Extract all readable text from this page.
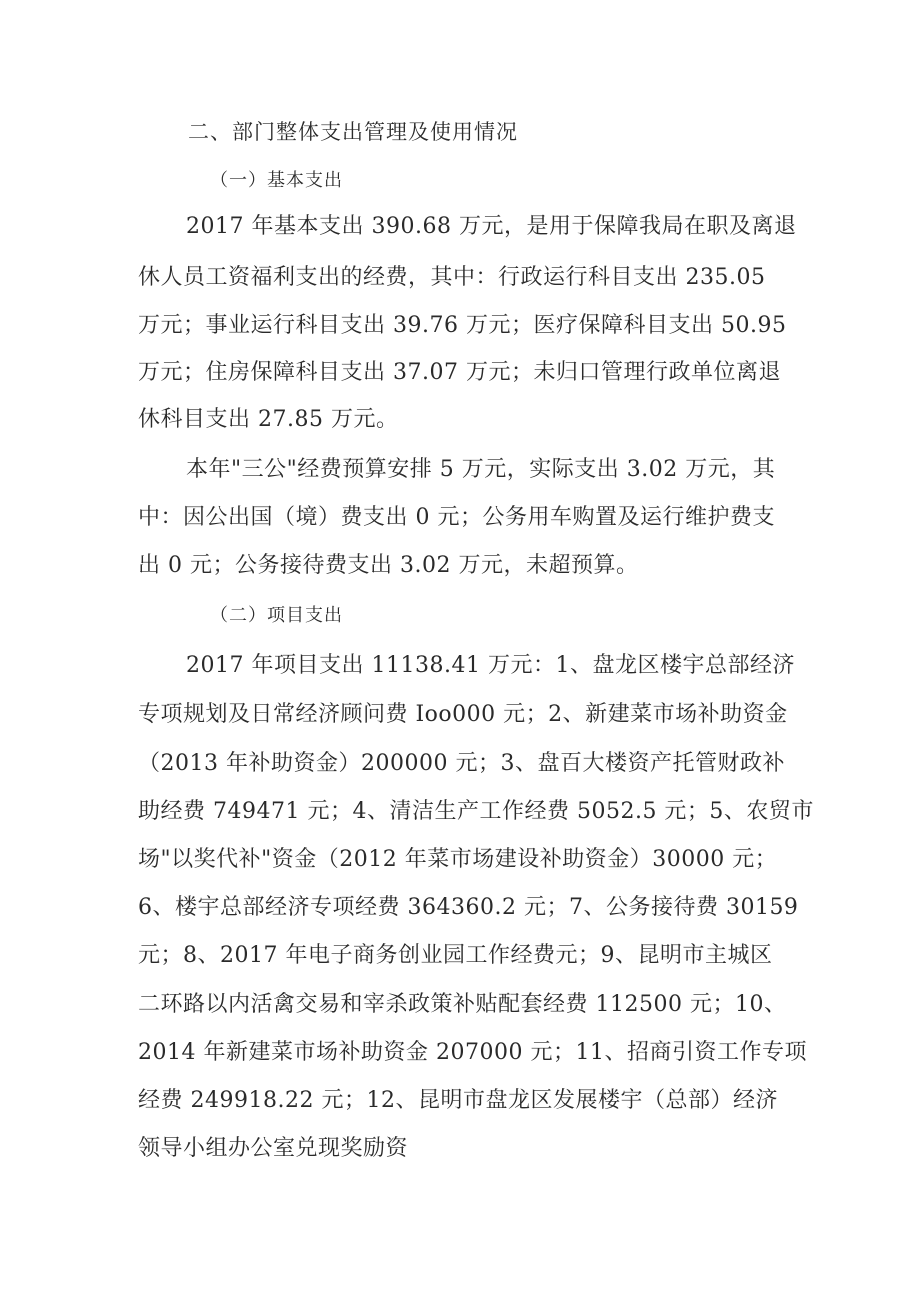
二、部门整体支出管理及使用情况
（一）基本支出
2017 年基本支出 390.68 万元，是用于保障我局在职及离退
休人员工资福利支出的经费，其中：行政运行科目支出 235.05
万元；事业运行科目支出 39.76 万元；医疗保障科目支出 50.95
万元；住房保障科目支出 37.07 万元；未归口管理行政单位离退
休科目支出 27.85 万元。
本年"三公"经费预算安排 5 万元，实际支出 3.02 万元，其
中：因公出国（境）费支出 0 元；公务用车购置及运行维护费支
出 0 元；公务接待费支出 3.02 万元，未超预算。
（二）项目支出
2017 年项目支出 11138.41 万元：1、盘龙区楼宇总部经济
专项规划及日常经济顾问费 Ioo000 元；2、新建菜市场补助资金
（2013 年补助资金）200000 元；3、盘百大楼资产托管财政补
助经费 749471 元；4、清洁生产工作经费 5052.5 元；5、农贸市
场"以奖代补"资金（2012 年菜市场建设补助资金）30000 元；
6、楼宇总部经济专项经费 364360.2 元；7、公务接待费 30159
元；8、2017 年电子商务创业园工作经费元；9、昆明市主城区
二环路以内活禽交易和宰杀政策补贴配套经费 112500 元；10、
2014 年新建菜市场补助资金 207000 元；11、招商引资工作专项
经费 249918.22 元；12、昆明市盘龙区发展楼宇（总部）经济
领导小组办公室兑现奖励资
